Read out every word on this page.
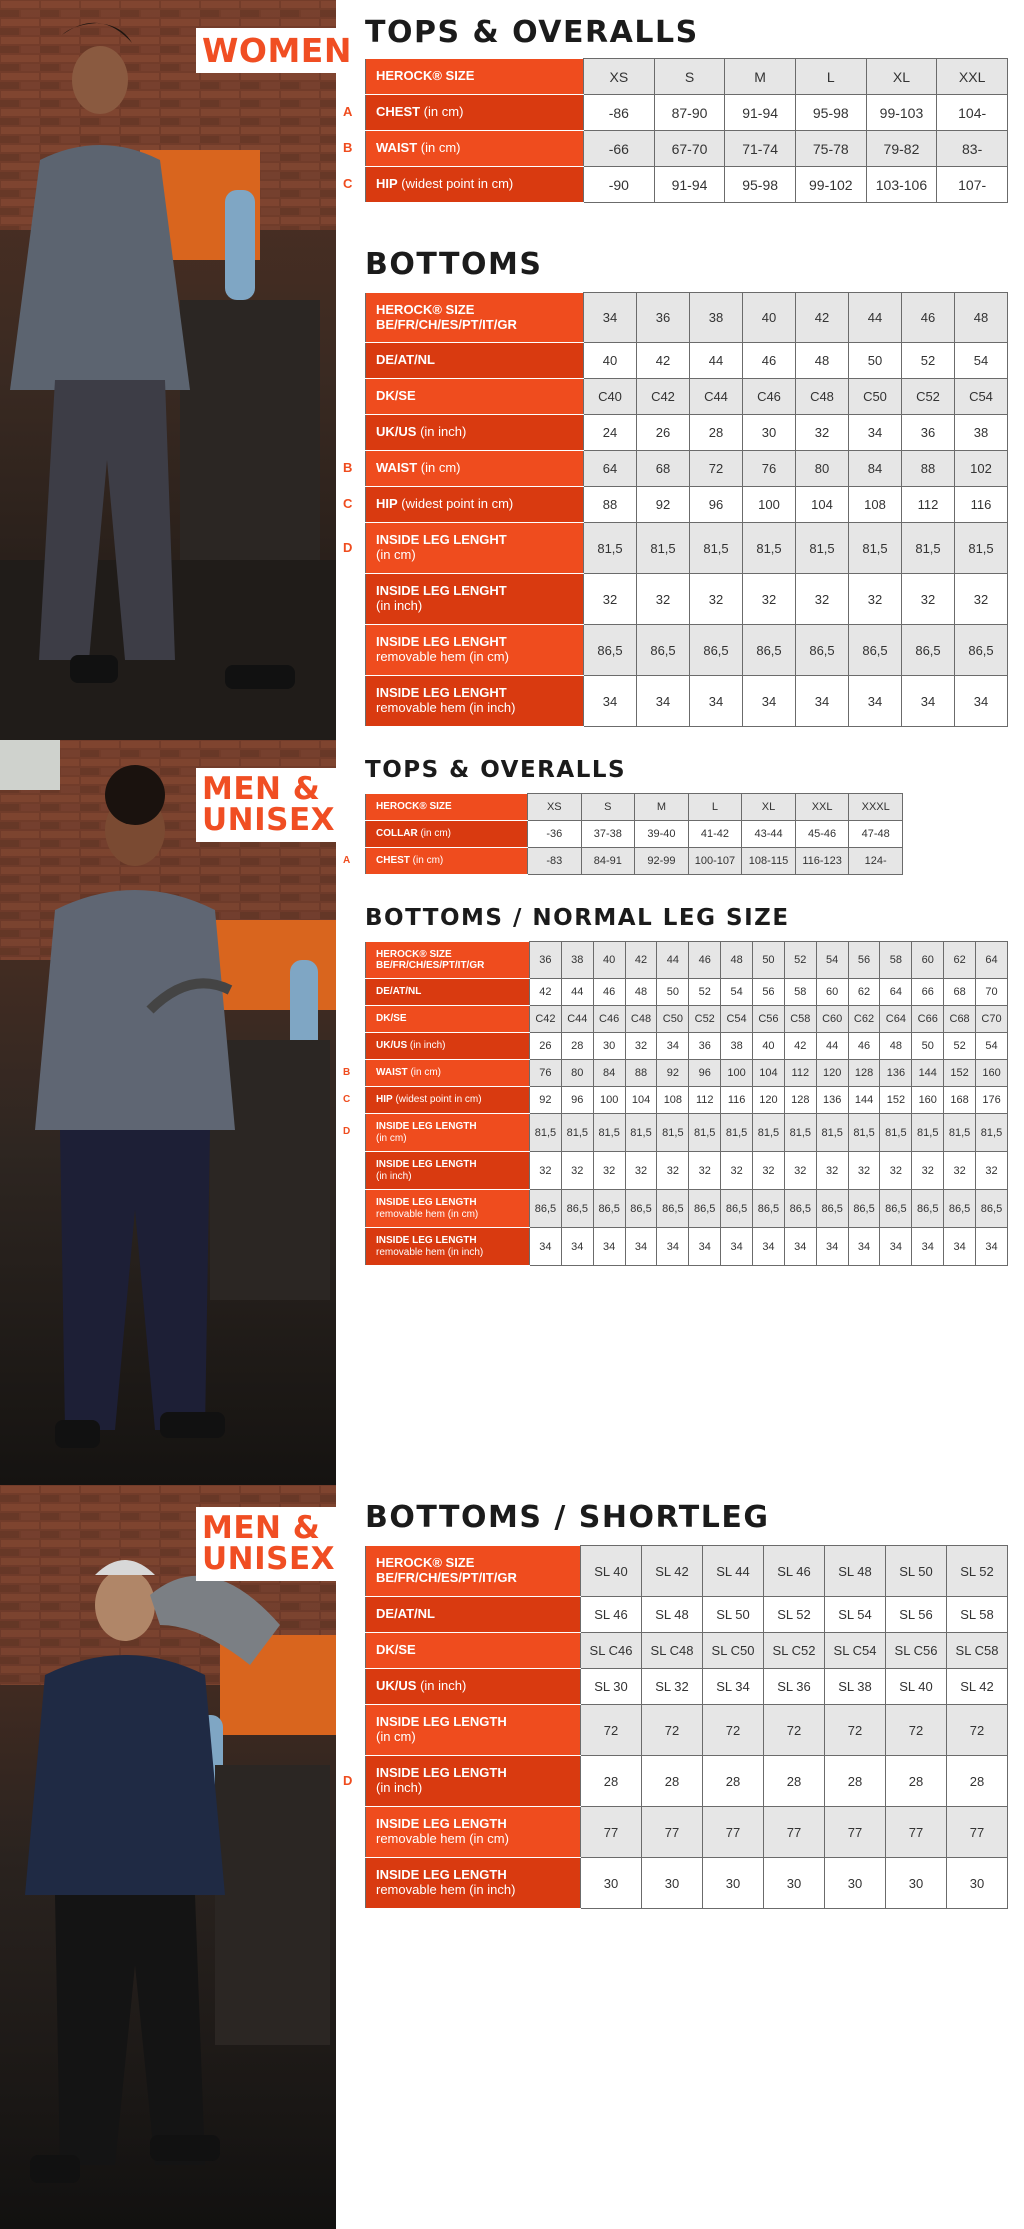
WOMEN
MEN &
UNISEX
MEN &
UNISEX
TOPS & OVERALLS
BOTTOMS
TOPS & OVERALLS
BOTTOMS / NORMAL LEG SIZE
BOTTOMS / SHORTLEG
HEROCK® SIZE	XS	S	M	L	XL	XXL
CHEST (in cm)	-86	87-90	91-94	95-98	99-103	104-
WAIST (in cm)	-66	67-70	71-74	75-78	79-82	83-
HIP (widest point in cm)	-90	91-94	95-98	99-102	103-106	107-
HEROCK® SIZE
BE/FR/CH/ES/PT/IT/GR	34	36	38	40	42	44	46	48
DE/AT/NL	40	42	44	46	48	50	52	54
DK/SE	C40	C42	C44	C46	C48	C50	C52	C54
UK/US (in inch)	24	26	28	30	32	34	36	38
WAIST (in cm)	64	68	72	76	80	84	88	102
HIP (widest point in cm)	88	92	96	100	104	108	112	116
INSIDE LEG LENGHT
(in cm)	81,5	81,5	81,5	81,5	81,5	81,5	81,5	81,5
INSIDE LEG LENGHT
(in inch)	32	32	32	32	32	32	32	32
INSIDE LEG LENGHT
removable hem (in cm)	86,5	86,5	86,5	86,5	86,5	86,5	86,5	86,5
INSIDE LEG LENGHT
removable hem (in inch)	34	34	34	34	34	34	34	34
HEROCK® SIZE	XS	S	M	L	XL	XXL	XXXL
COLLAR (in cm)	-36	37-38	39-40	41-42	43-44	45-46	47-48
CHEST (in cm)	-83	84-91	92-99	100-107	108-115	116-123	124-
HEROCK® SIZE
BE/FR/CH/ES/PT/IT/GR	36	38	40	42	44	46	48	50	52	54	56	58	60	62	64
DE/AT/NL	42	44	46	48	50	52	54	56	58	60	62	64	66	68	70
DK/SE	C42	C44	C46	C48	C50	C52	C54	C56	C58	C60	C62	C64	C66	C68	C70
UK/US (in inch)	26	28	30	32	34	36	38	40	42	44	46	48	50	52	54
WAIST (in cm)	76	80	84	88	92	96	100	104	112	120	128	136	144	152	160
HIP (widest point in cm)	92	96	100	104	108	112	116	120	128	136	144	152	160	168	176
INSIDE LEG LENGTH
(in cm)	81,5	81,5	81,5	81,5	81,5	81,5	81,5	81,5	81,5	81,5	81,5	81,5	81,5	81,5	81,5
INSIDE LEG LENGTH
(in inch)	32	32	32	32	32	32	32	32	32	32	32	32	32	32	32
INSIDE LEG LENGTH
removable hem (in cm)	86,5	86,5	86,5	86,5	86,5	86,5	86,5	86,5	86,5	86,5	86,5	86,5	86,5	86,5	86,5
INSIDE LEG LENGTH
removable hem (in inch)	34	34	34	34	34	34	34	34	34	34	34	34	34	34	34
HEROCK® SIZE
BE/FR/CH/ES/PT/IT/GR	SL 40	SL 42	SL 44	SL 46	SL 48	SL 50	SL 52
DE/AT/NL	SL 46	SL 48	SL 50	SL 52	SL 54	SL 56	SL 58
DK/SE	SL C46	SL C48	SL C50	SL C52	SL C54	SL C56	SL C58
UK/US (in inch)	SL 30	SL 32	SL 34	SL 36	SL 38	SL 40	SL 42
INSIDE LEG LENGTH
(in cm)	72	72	72	72	72	72	72
INSIDE LEG LENGTH
(in inch)	28	28	28	28	28	28	28
INSIDE LEG LENGTH
removable hem (in cm)	77	77	77	77	77	77	77
INSIDE LEG LENGTH
removable hem (in inch)	30	30	30	30	30	30	30
A
B
C
B
C
D
A
B
C
D
D
